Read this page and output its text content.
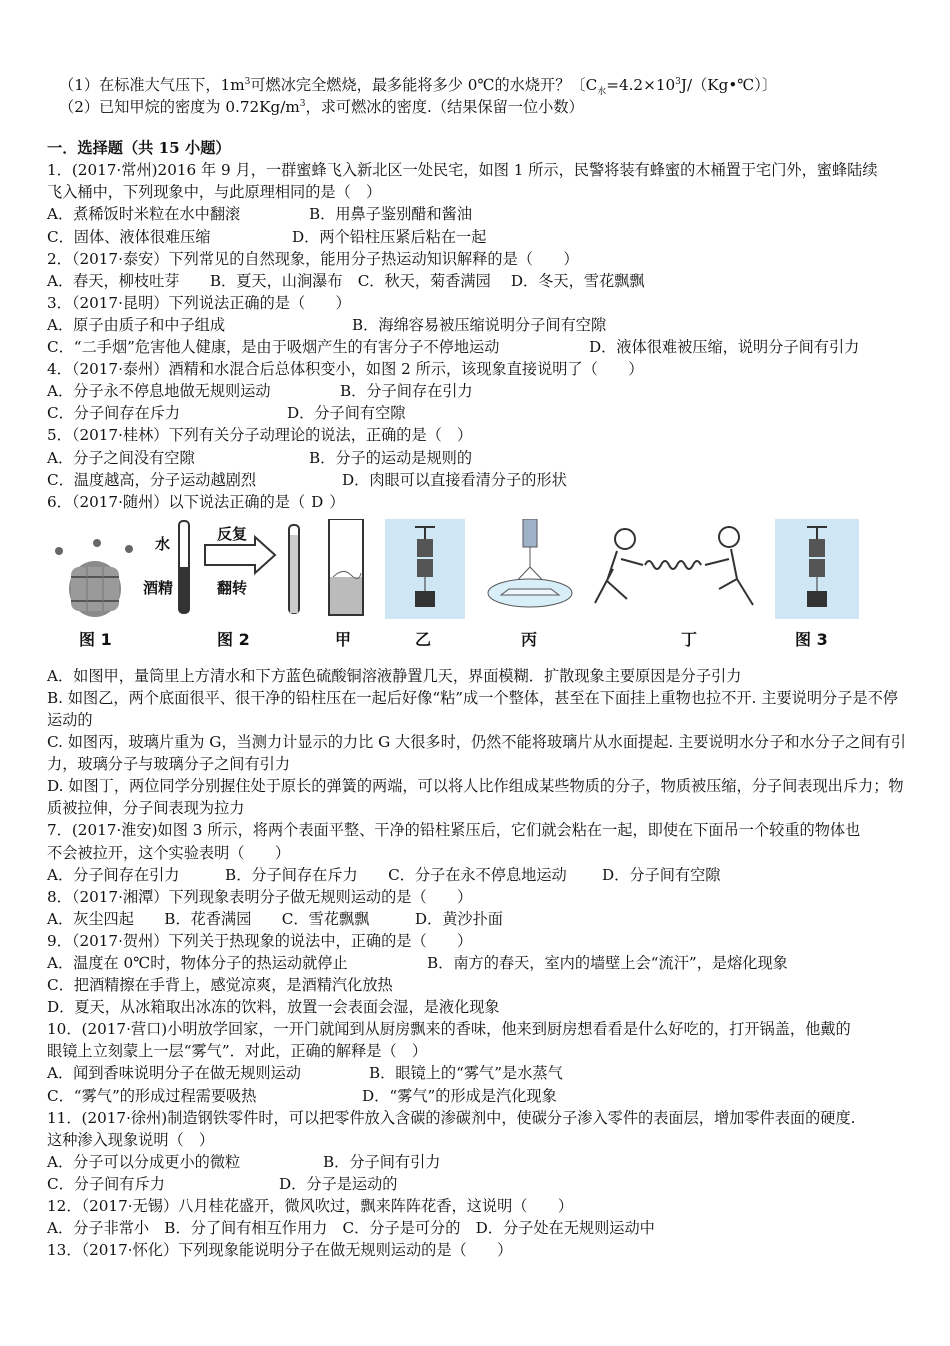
（1）在标准大气压下，$1m^3$可燃冰完全燃烧，最多能将多少 0℃的水烧开？〔$C_水=4.2\times 10^3J/(Kg•℃)$〕
（2）已知甲烷的密度为 $0.72Kg/m^3$，求可燃冰的密度.（结果保留一位小数）
一．选择题（共 15 小题）
1．(2017·常州)2016 年 9 月，一群蜜蜂飞入新北区一处民宅，如图 1 所示，民警将装有蜂蜜的木桶置于宅门外，蜜蜂陆续
飞入桶中，下列现象中，与此原理相同的是（　）
A．煮稀饭时米粒在水中翻滚	B．用鼻子鉴别醋和酱油
C．固体、液体很难压缩	D．两个铅柱压紧后粘在一起
2．（2017·泰安）下列常见的自然现象，能用分子热运动知识解释的是（　　）
A．春天，柳枝吐芽　　B．夏天，山涧瀑布　C．秋天，菊香满园　 D．冬天，雪花飘飘
3．（2017·昆明）下列说法正确的是（　　）
A．原子由质子和中子组成	B．海绵容易被压缩说明分子间有空隙
C．“二手烟”危害他人健康，是由于吸烟产生的有害分子不停地运动	D．液体很难被压缩，说明分子间有引力
4．（2017·泰州）酒精和水混合后总体积变小，如图 2 所示，该现象直接说明了（　　）
A．分子永不停息地做无规则运动	B．分子间存在引力
C．分子间存在斥力	D．分子间有空隙
5．（2017·桂林）下列有关分子动理论的说法，正确的是（　）
A．分子之间没有空隙	B．分子的运动是规则的
C．温度越高，分子运动越剧烈	D．肉眼可以直接看清分子的形状
6．（2017·随州）以下说法正确的是（ D ）
水
酒精
反复
翻转
图 1	图 2	甲	乙	丙	丁	图 3
A．如图甲，量筒里上方清水和下方蓝色硫酸铜溶液静置几天，界面模糊．扩散现象主要原因是分子引力
B. 如图乙，两个底面很平、很干净的铅柱压在一起后好像“粘”成一个整体，甚至在下面挂上重物也拉不开. 主要说明分子是不停运动的
C. 如图丙，玻璃片重为 G，当测力计显示的力比 G 大很多时，仍然不能将玻璃片从水面提起. 主要说明水分子和水分子之间有引力，玻璃分子与玻璃分子之间有引力
D. 如图丁，两位同学分别握住处于原长的弹簧的两端，可以将人比作组成某些物质的分子，物质被压缩，分子间表现出斥力；物质被拉伸，分子间表现为拉力
7．(2017·淮安)如图 3 所示，将两个表面平整、干净的铅柱紧压后，它们就会粘在一起，即使在下面吊一个较重的物体也
不会被拉开，这个实验表明（　　）
A．分子间存在引力　　　B．分子间存在斥力　　C．分子在永不停息地运动　　 D．分子间有空隙
8．（2017·湘潭）下列现象表明分子做无规则运动的是（　　）
A．灰尘四起　　B．花香满园　　C．雪花飘飘　　　D．黄沙扑面
9．（2017·贺州）下列关于热现象的说法中，正确的是（　　）
A．温度在 0℃时，物体分子的热运动就停止	B．南方的春天，室内的墙壁上会“流汗”，是熔化现象
C．把酒精擦在手背上，感觉凉爽，是酒精汽化放热
D．夏天，从冰箱取出冰冻的饮料，放置一会表面会湿，是液化现象
10．(2017·营口)小明放学回家，一开门就闻到从厨房飘来的香味，他来到厨房想看看是什么好吃的，打开锅盖，他戴的
眼镜上立刻蒙上一层“雾气”．对此，正确的解释是（　）
A．闻到香味说明分子在做无规则运动	B．眼镜上的“雾气”是水蒸气
C．“雾气”的形成过程需要吸热	D．“雾气”的形成是汽化现象
11．(2017·徐州)制造钢铁零件时，可以把零件放入含碳的渗碳剂中，使碳分子渗入零件的表面层，增加零件表面的硬度.
这种渗入现象说明（　）
A．分子可以分成更小的微粒	B．分子间有引力
C．分子间有斥力	D．分子是运动的
12．（2017·无锡）八月桂花盛开，微风吹过，飘来阵阵花香，这说明（　　）
A．分子非常小　B．分了间有相互作用力　C．分子是可分的　D．分子处在无规则运动中
13．（2017·怀化）下列现象能说明分子在做无规则运动的是（　　）
